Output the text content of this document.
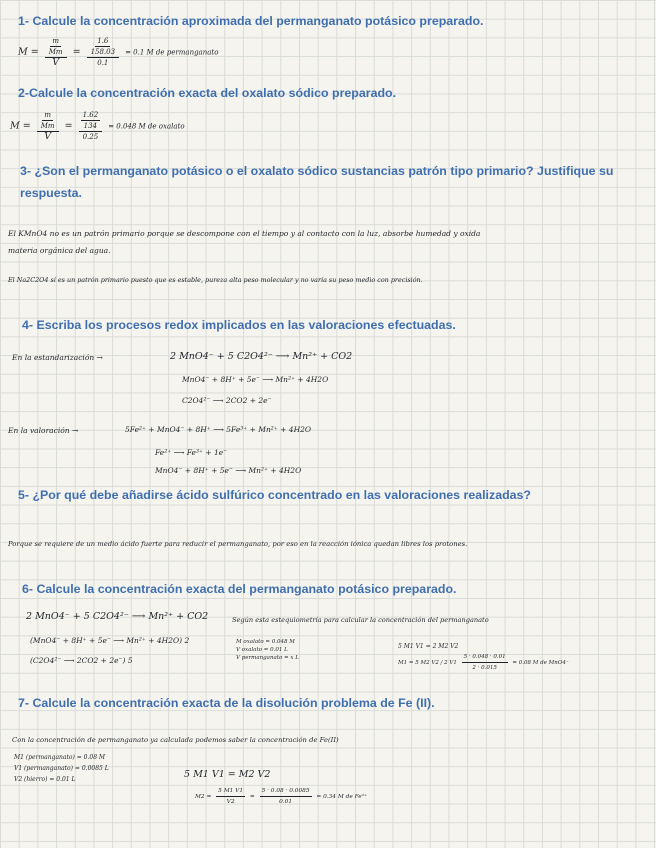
1- Calcule la concentración aproximada del permanganato potásico preparado.
$M = \frac{\frac{m}{Mm}}{V} = \frac{\frac{1.6}{158.03}}{0.1} = 0.1$ M de permanganato
2-Calcule la concentración exacta del oxalato sódico preparado.
$M = \frac{\frac{m}{Mm}}{V} = \frac{\frac{1.62}{134}}{0.25} = 0.048$ M de oxalato
3- ¿Son el permanganato potásico o el oxalato sódico sustancias patrón tipo primario? Justifique su respuesta.
El KMnO4 no es un patrón primario porque se descompone con el tiempo y al contacto con la luz, absorbe humedad y oxida
materia orgánica del agua.
El Na2C2O4 sí es un patrón primario puesto que es estable, pureza alta peso molecular y no varía su peso medio con precisión.
4- Escriba los procesos redox implicados en las valoraciones efectuadas.
En la estandarización →	2 MnO4⁻ + 5 C2O4²⁻ ⟶ Mn²⁺ + CO2
MnO4⁻ + 8H⁺ + 5e⁻ ⟶ Mn²⁺ + 4H2O
C2O4²⁻ ⟶ 2CO2 + 2e⁻
En la valoración →	5Fe²⁺ + MnO4⁻ + 8H⁺ ⟶ 5Fe³⁺ + Mn²⁺ + 4H2O
Fe²⁺ ⟶ Fe³⁺ + 1e⁻
MnO4⁻ + 8H⁺ + 5e⁻ ⟶ Mn²⁺ + 4H2O
5- ¿Por qué debe añadirse ácido sulfúrico concentrado en las valoraciones realizadas?
Porque se requiere de un medio ácido fuerte para reducir el permanganato, por eso en la reacción iónica quedan libres los protones.
6- Calcule la concentración exacta del permanganato potásico preparado.
2 MnO4⁻ + 5 C2O4²⁻ ⟶ Mn²⁺ + CO2	Según esta estequiometría para calcular la concentración del permanganato
(MnO4⁻ + 8H⁺ + 5e⁻ ⟶ Mn²⁺ + 4H2O) 2
(C2O4²⁻ ⟶ 2CO2 + 2e⁻) 5
M oxalato = 0.048 M
V oxalato = 0.01 L
V permanganato = x L
5 M1 V1 = 2 M2 V2
M1 = 5 M2 V2 / 2 $V1 \frac{5 \cdot 0.048 \cdot 0.01}{2 \cdot 0.015} = 0.08$ M de MnO4⁻
7- Calcule la concentración exacta de la disolución problema de Fe (II).
Con la concentración de permanganato ya calculada podemos saber la concentración de Fe(II)
M1 (permanganato) = 0.08 M
V1 (permanganato) = 0.0085 L
V2 (hierro) = 0.01 L	5 M1 V1 = M2 V2
$M2 = \frac{5 M1 V1}{V2} = \frac{5 \cdot 0.08 \cdot 0.0085}{0.01} = 0.34$ M de Fe²⁺
